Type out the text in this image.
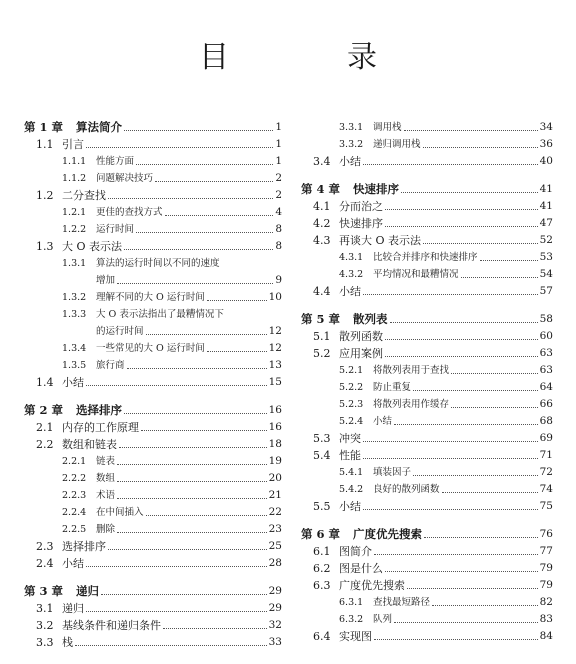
目　录
第 1 章	算法简介	1
1.1 引言	1
1.1.1	性能方面	1
1.1.2	问题解决技巧	2
1.2 二分查找	2
1.2.1	更佳的查找方式	4
1.2.2	运行时间	8
1.3 大 O 表示法	8
1.3.1	算法的运行时间以不同的速度
增加	9
1.3.2	理解不同的大 O 运行时间	10
1.3.3	大 O 表示法指出了最糟情况下
的运行时间	12
1.3.4	一些常见的大 O 运行时间	12
1.3.5	旅行商	13
1.4 小结	15
第 2 章	选择排序	16
2.1 内存的工作原理	16
2.2 数组和链表	18
2.2.1	链表	19
2.2.2	数组	20
2.2.3	术语	21
2.2.4	在中间插入	22
2.2.5	删除	23
2.3 选择排序	25
2.4 小结	28
第 3 章	递归	29
3.1 递归	29
3.2 基线条件和递归条件	32
3.3 栈	33
3.3.1	调用栈	34
3.3.2	递归调用栈	36
3.4 小结	40
第 4 章	快速排序	41
4.1 分而治之	41
4.2 快速排序	47
4.3 再谈大 O 表示法	52
4.3.1	比较合并排序和快速排序	53
4.3.2	平均情况和最糟情况	54
4.4 小结	57
第 5 章	散列表	58
5.1 散列函数	60
5.2 应用案例	63
5.2.1	将散列表用于查找	63
5.2.2	防止重复	64
5.2.3	将散列表用作缓存	66
5.2.4	小结	68
5.3 冲突	69
5.4 性能	71
5.4.1	填装因子	72
5.4.2	良好的散列函数	74
5.5 小结	75
第 6 章	广度优先搜索	76
6.1 图简介	77
6.2 图是什么	79
6.3 广度优先搜索	79
6.3.1	查找最短路径	82
6.3.2	队列	83
6.4 实现图	84
